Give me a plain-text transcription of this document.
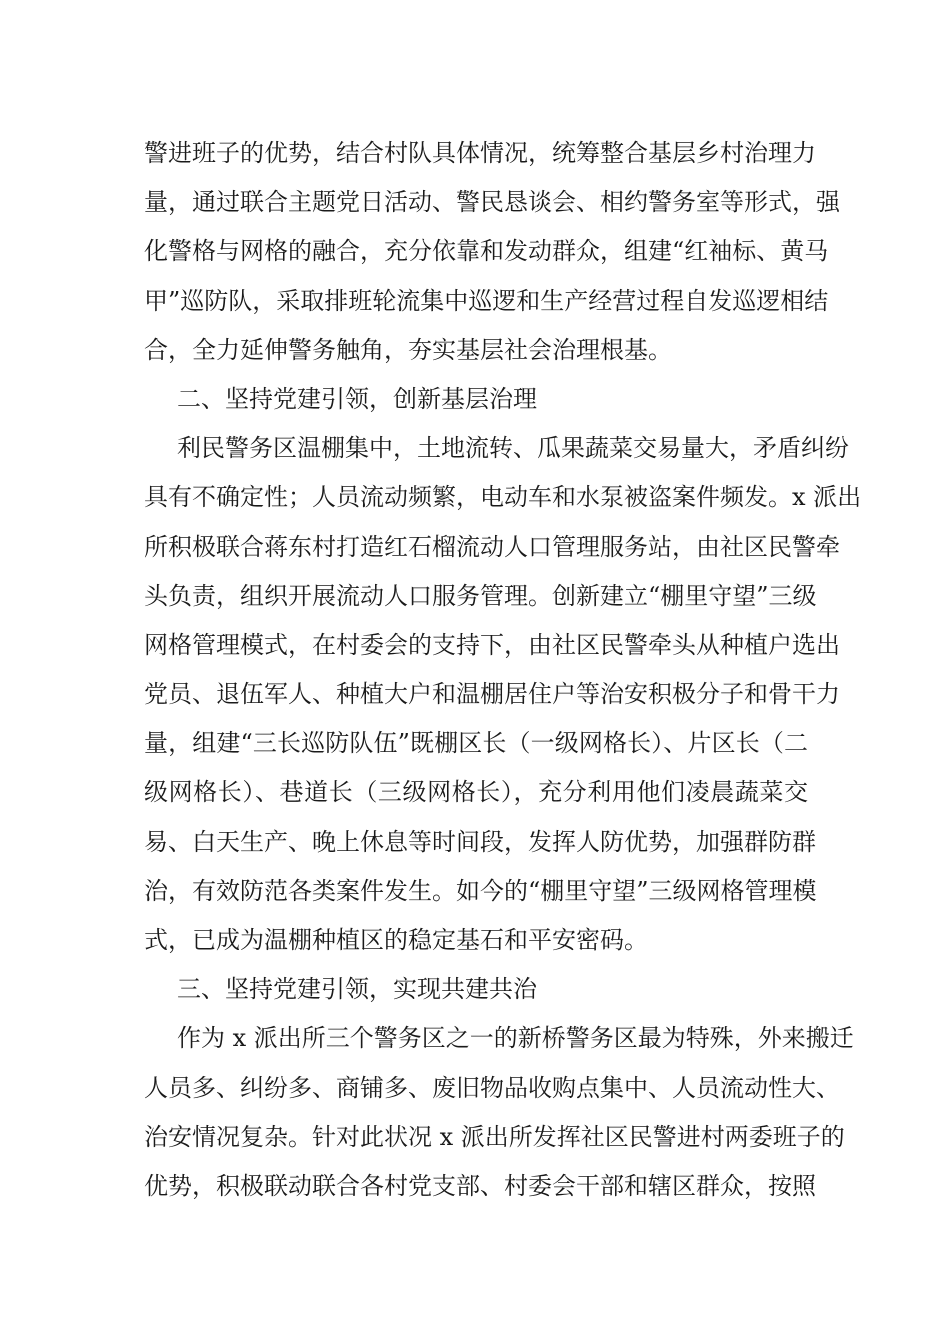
警进班子的优势，结合村队具体情况，统筹整合基层乡村治理力
量，通过联合主题党日活动、警民恳谈会、相约警务室等形式，强
化警格与网格的融合，充分依靠和发动群众，组建“红袖标、黄马
甲”巡防队，采取排班轮流集中巡逻和生产经营过程自发巡逻相结
合，全力延伸警务触角，夯实基层社会治理根基。
二、坚持党建引领，创新基层治理
利民警务区温棚集中，土地流转、瓜果蔬菜交易量大，矛盾纠纷
具有不确定性；人员流动频繁，电动车和水泵被盗案件频发。x 派出
所积极联合蒋东村打造红石榴流动人口管理服务站，由社区民警牵
头负责，组织开展流动人口服务管理。创新建立“棚里守望”三级
网格管理模式，在村委会的支持下，由社区民警牵头从种植户选出
党员、退伍军人、种植大户和温棚居住户等治安积极分子和骨干力
量，组建“三长巡防队伍”既棚区长（一级网格长）、片区长（二
级网格长）、巷道长（三级网格长），充分利用他们凌晨蔬菜交
易、白天生产、晚上休息等时间段，发挥人防优势，加强群防群
治，有效防范各类案件发生。如今的“棚里守望”三级网格管理模
式，已成为温棚种植区的稳定基石和平安密码。
三、坚持党建引领，实现共建共治
作为 x 派出所三个警务区之一的新桥警务区最为特殊，外来搬迁
人员多、纠纷多、商铺多、废旧物品收购点集中、人员流动性大、
治安情况复杂。针对此状况 x 派出所发挥社区民警进村两委班子的
优势，积极联动联合各村党支部、村委会干部和辖区群众，按照
